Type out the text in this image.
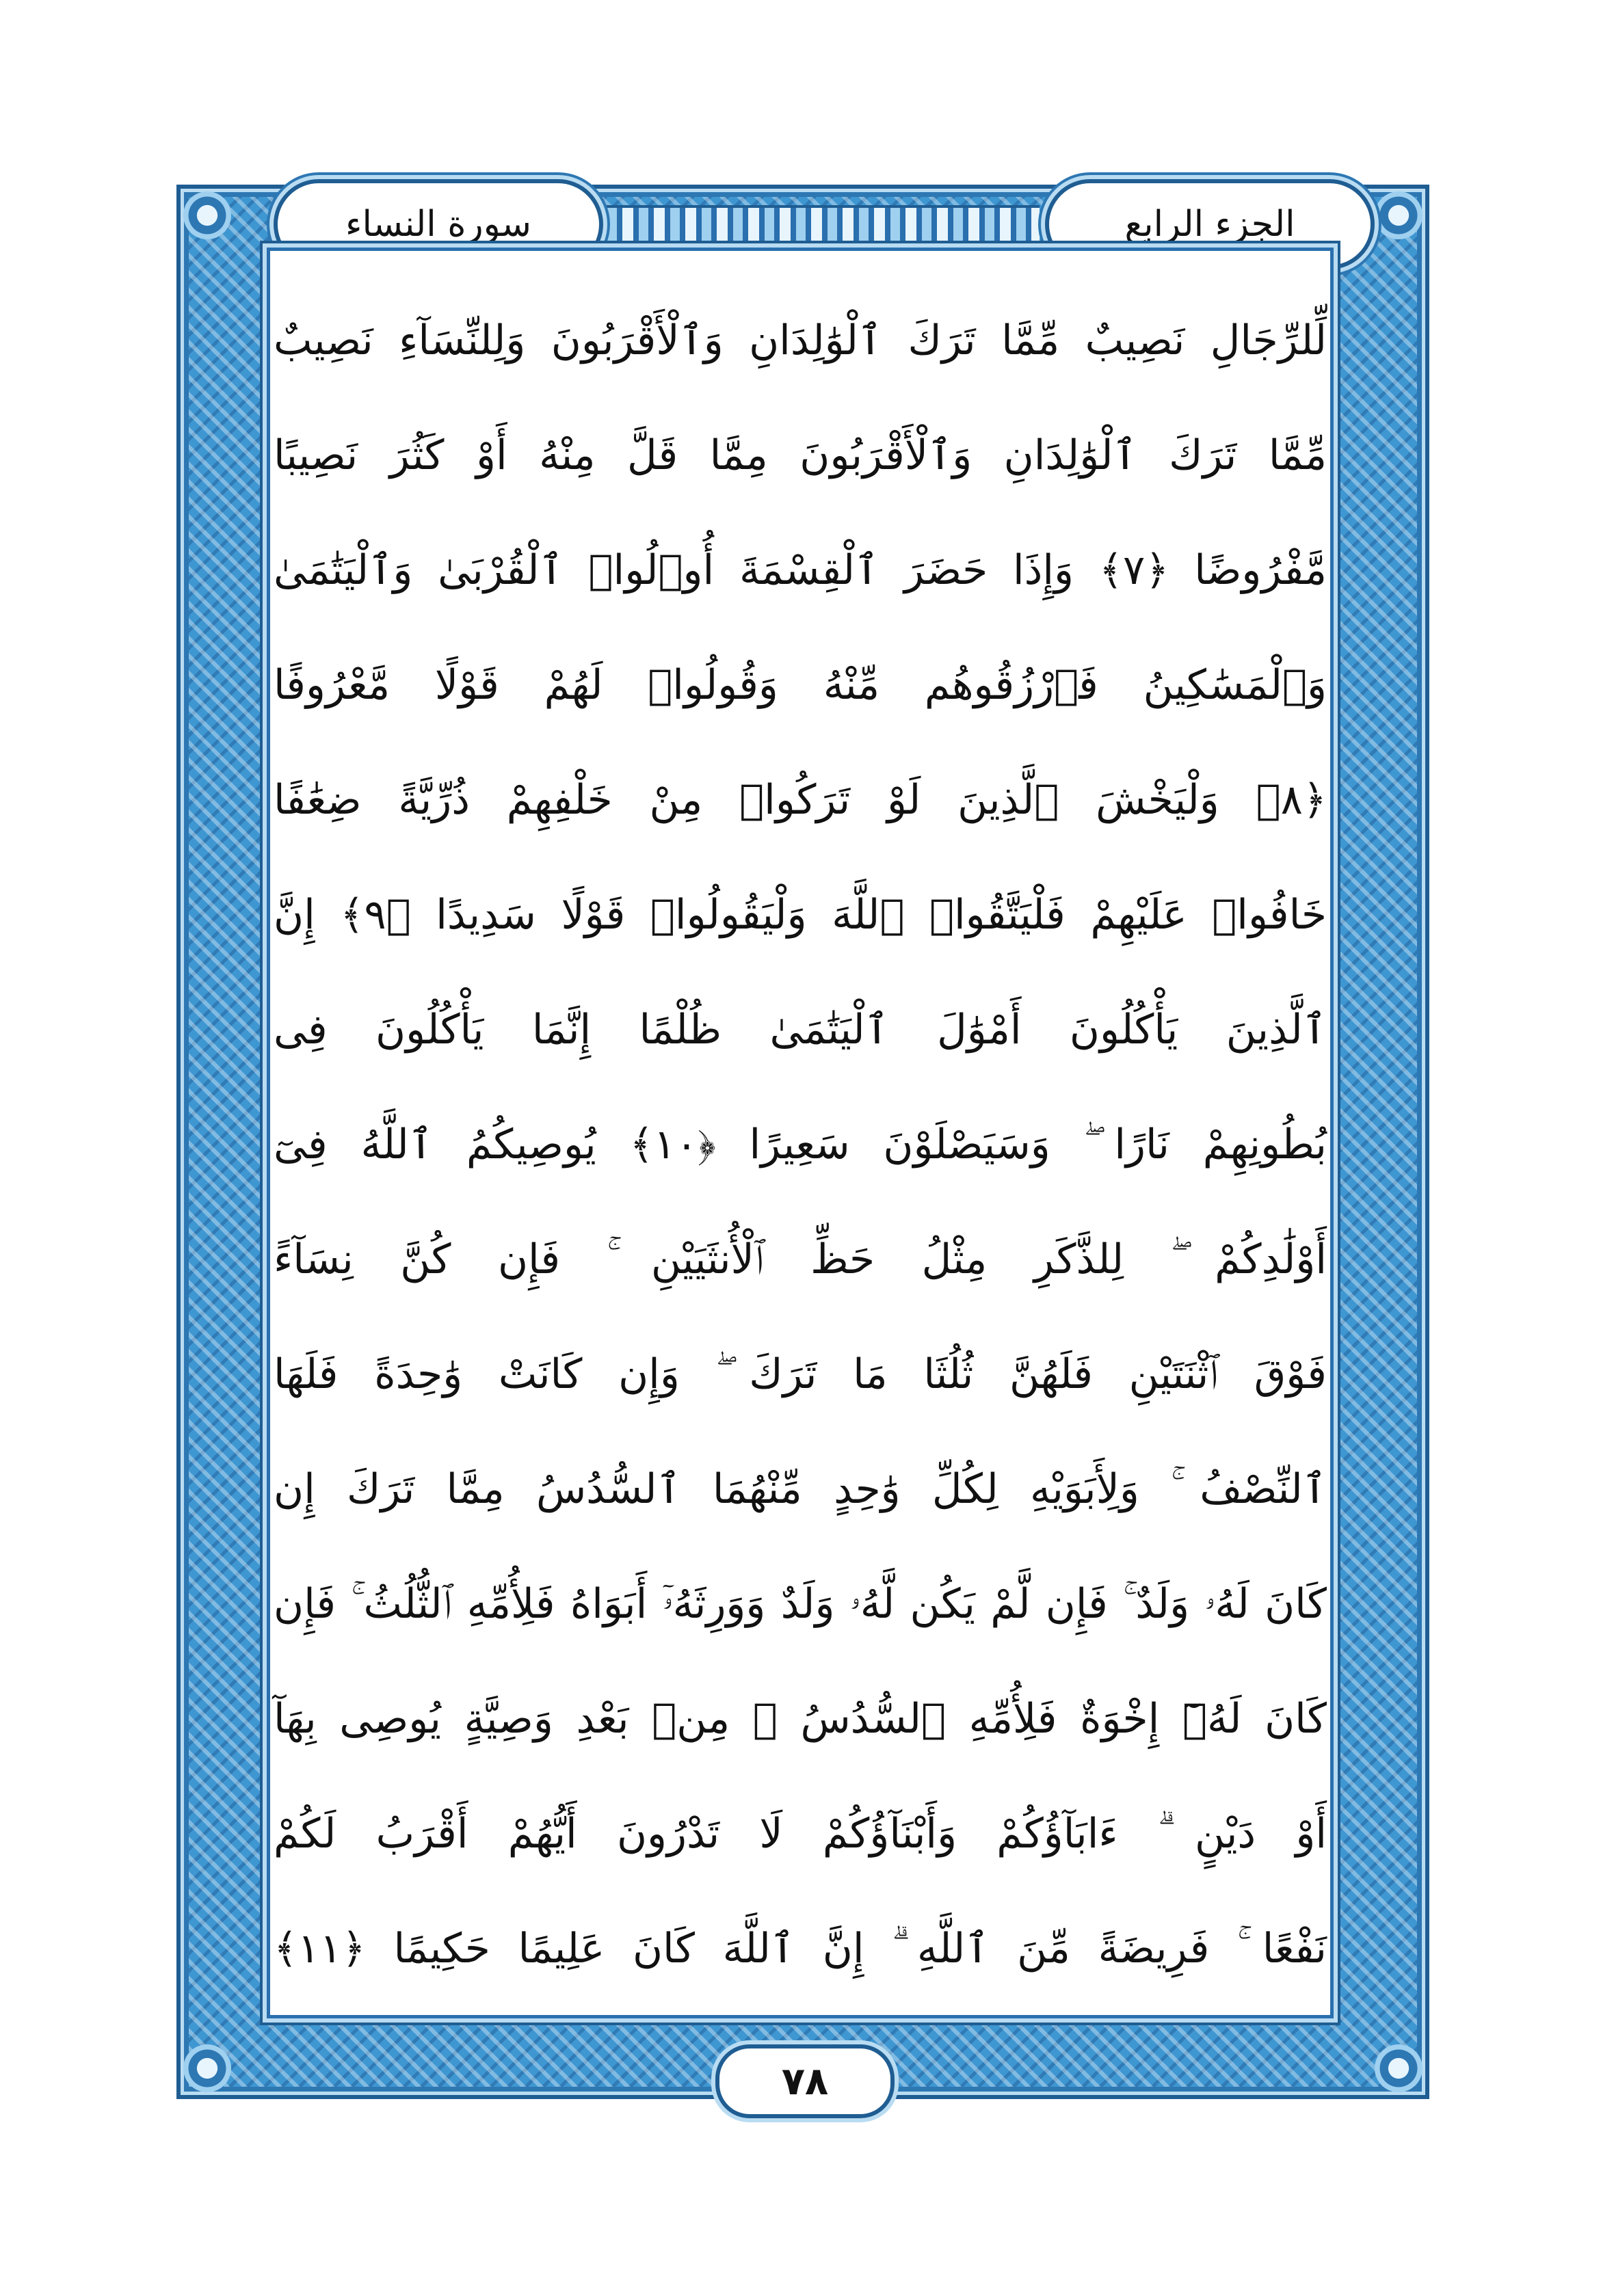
الجزء الرابع
سورة النساء
لِّلرِّجَالِ نَصِيبٌ مِّمَّا تَرَكَ ٱلْوَٰلِدَانِ وَٱلْأَقْرَبُونَ وَلِلنِّسَآءِ نَصِيبٌ
مِّمَّا تَرَكَ ٱلْوَٰلِدَانِ وَٱلْأَقْرَبُونَ مِمَّا قَلَّ مِنْهُ أَوْ كَثُرَ نَصِيبًا
مَّفْرُوضًا ﴿٧﴾ وَإِذَا حَضَرَ ٱلْقِسْمَةَ أُو۟لُوا۟ ٱلْقُرْبَىٰ وَٱلْيَتَٰمَىٰ
وَٱلْمَسَٰكِينُ فَٱرْزُقُوهُم مِّنْهُ وَقُولُوا۟ لَهُمْ قَوْلًا مَّعْرُوفًا
﴿٨﴾ وَلْيَخْشَ ٱلَّذِينَ لَوْ تَرَكُوا۟ مِنْ خَلْفِهِمْ ذُرِّيَّةً ضِعَٰفًا
خَافُوا۟ عَلَيْهِمْ فَلْيَتَّقُوا۟ ٱللَّهَ وَلْيَقُولُوا۟ قَوْلًا سَدِيدًا ﴿٩﴾ إِنَّ
ٱلَّذِينَ يَأْكُلُونَ أَمْوَٰلَ ٱلْيَتَٰمَىٰ ظُلْمًا إِنَّمَا يَأْكُلُونَ فِى
بُطُونِهِمْ نَارًا ۖ وَسَيَصْلَوْنَ سَعِيرًا ﴿١٠﴾ يُوصِيكُمُ ٱللَّهُ فِىٓ
أَوْلَٰدِكُمْ ۖ لِلذَّكَرِ مِثْلُ حَظِّ ٱلْأُنثَيَيْنِ ۚ فَإِن كُنَّ نِسَآءً
فَوْقَ ٱثْنَتَيْنِ فَلَهُنَّ ثُلُثَا مَا تَرَكَ ۖ وَإِن كَانَتْ وَٰحِدَةً فَلَهَا
ٱلنِّصْفُ ۚ وَلِأَبَوَيْهِ لِكُلِّ وَٰحِدٍ مِّنْهُمَا ٱلسُّدُسُ مِمَّا تَرَكَ إِن
كَانَ لَهُۥ وَلَدٌ ۚ فَإِن لَّمْ يَكُن لَّهُۥ وَلَدٌ وَوَرِثَهُۥٓ أَبَوَاهُ فَلِأُمِّهِ ٱلثُّلُثُ ۚ فَإِن
كَانَ لَهُۥٓ إِخْوَةٌ فَلِأُمِّهِ ٱلسُّدُسُ ۚ مِنۢ بَعْدِ وَصِيَّةٍ يُوصِى بِهَآ
أَوْ دَيْنٍ ۗ ءَابَآؤُكُمْ وَأَبْنَآؤُكُمْ لَا تَدْرُونَ أَيُّهُمْ أَقْرَبُ لَكُمْ
نَفْعًا ۚ فَرِيضَةً مِّنَ ٱللَّهِ ۗ إِنَّ ٱللَّهَ كَانَ عَلِيمًا حَكِيمًا ﴿١١﴾
٧٨
